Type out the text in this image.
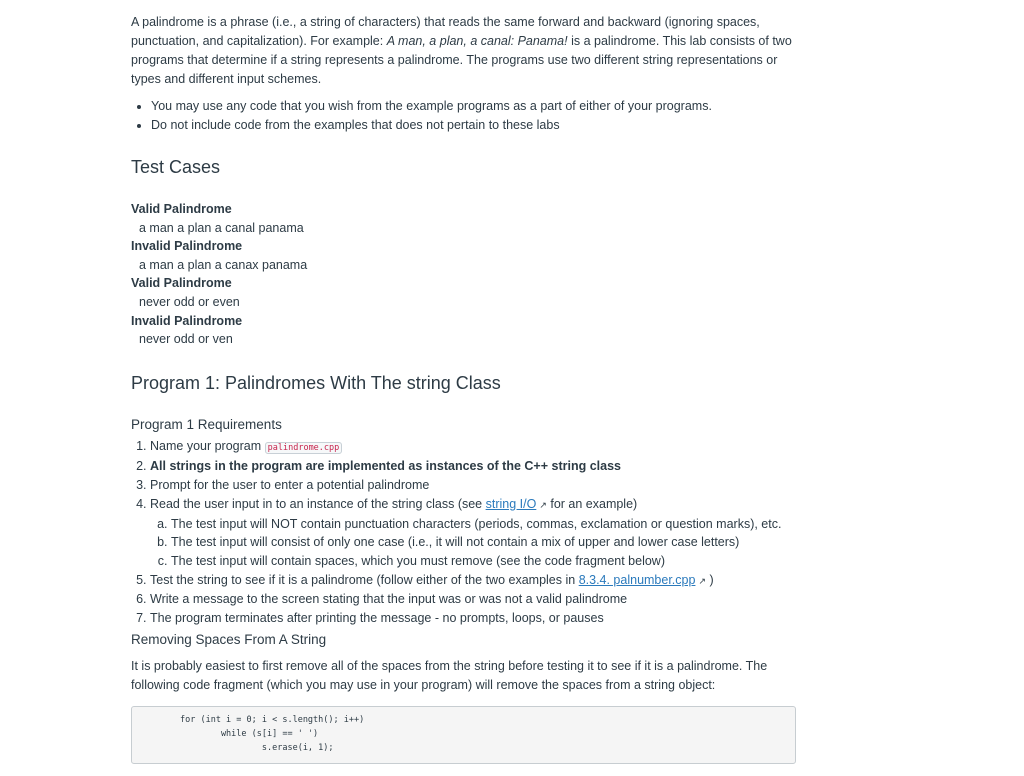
A palindrome is a phrase (i.e., a string of characters) that reads the same forward and backward (ignoring spaces, punctuation, and capitalization). For example: A man, a plan, a canal: Panama! is a palindrome. This lab consists of two programs that determine if a string represents a palindrome. The programs use two different string representations or types and different input schemes.

• You may use any code that you wish from the example programs as a part of either of your programs.
• Do not include code from the examples that does not pertain to these labs
Test Cases
Valid Palindrome
a man a plan a canal panama
Invalid Palindrome
a man a plan a canax panama
Valid Palindrome
never odd or even
Invalid Palindrome
never odd or ven
Program 1: Palindromes With The string Class
Program 1 Requirements
1. Name your program palindrome.cpp
2. All strings in the program are implemented as instances of the C++ string class
3. Prompt for the user to enter a potential palindrome
4. Read the user input in to an instance of the string class (see string I/O ↗ for an example)
a. The test input will NOT contain punctuation characters (periods, commas, exclamation or question marks), etc.
b. The test input will consist of only one case (i.e., it will not contain a mix of upper and lower case letters)
c. The test input will contain spaces, which you must remove (see the code fragment below)
5. Test the string to see if it is a palindrome (follow either of the two examples in 8.3.4. palnumber.cpp ↗ )
6. Write a message to the screen stating that the input was or was not a valid palindrome
7. The program terminates after printing the message - no prompts, loops, or pauses
Removing Spaces From A String

It is probably easiest to first remove all of the spaces from the string before testing it to see if it is a palindrome. The following code fragment (which you may use in your program) will remove the spaces from a string object:

for (int i = 0; i < s.length(); i++)
while (s[i] == ' ')
s.erase(i, 1);
